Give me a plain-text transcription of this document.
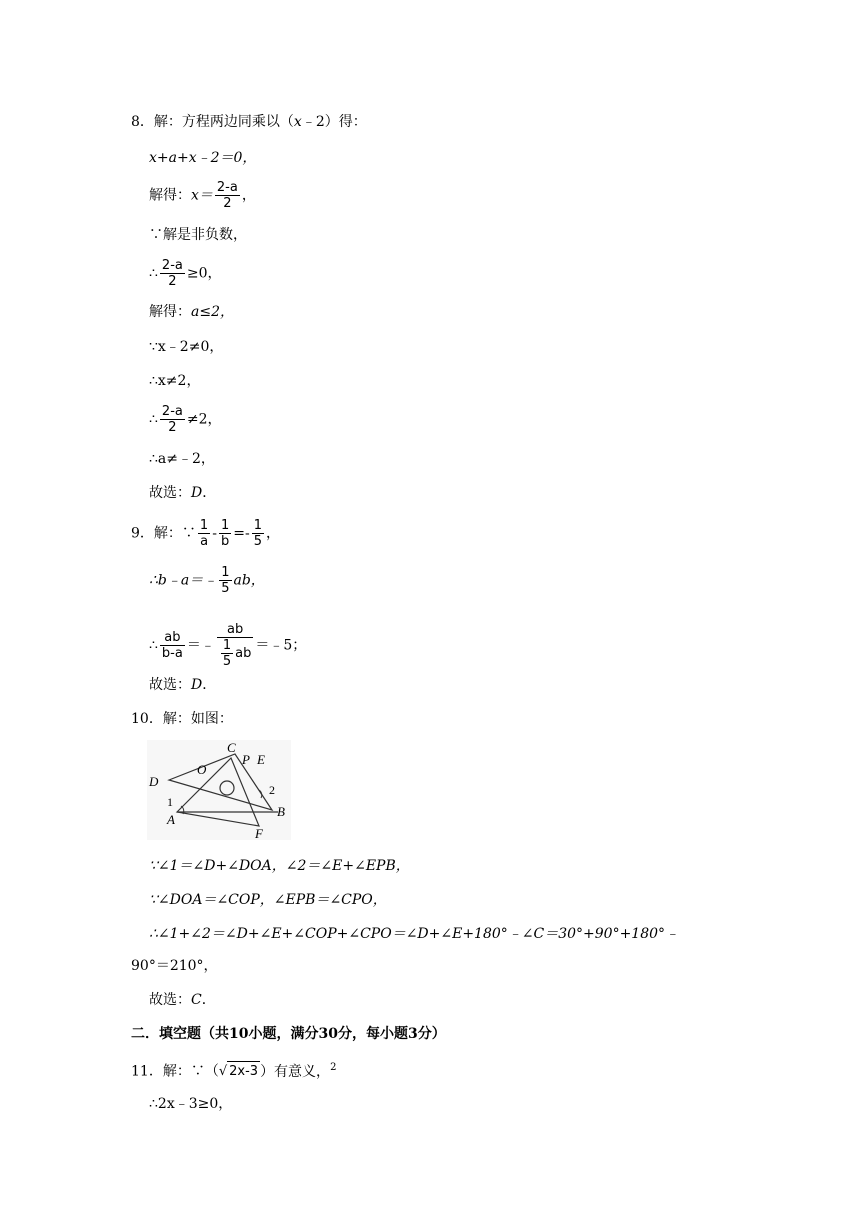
8．解：方程两边同乘以（x﹣2）得：
x+a+x﹣2＝0，
解得：$x= \frac{2-a}{2}$ ，
∵解是非负数，
∴ $\frac{2-a}{2} \ge 0$，
解得：a≤2，
∵x﹣2≠0，
∴x≠2，
∴ $\frac{2-a}{2} \ne 2$，
∴a≠﹣2，
故选：D．
9．解：∵ $\frac{1}{a} - \frac{1}{b} =- \frac{1}{5}$ ，
∴b﹣a＝﹣ $\frac{1}{5}$ ab，
∴ $\frac{ab}{b-a}$ ＝﹣ $\frac{ab}{\frac{1}{5} ab}$ ＝﹣5；
故选：D．
10．解：如图：
C
P E
O
D
2
1
B
A
F
∵∠1＝∠D+∠DOA，∠2＝∠E+∠EPB，
∵∠DOA＝∠COP，∠EPB＝∠CPO，
∴∠1+∠2＝∠D+∠E+∠COP+∠CPO＝∠D+∠E+180°﹣∠C＝30°+90°+180°﹣
90°＝210°，
故选：C．
二．填空题（共10小题，满分30分，每小题3分）
11．解：∵（√ 2x-3 ）有意义，$^2$
∴2x﹣3≥0，
